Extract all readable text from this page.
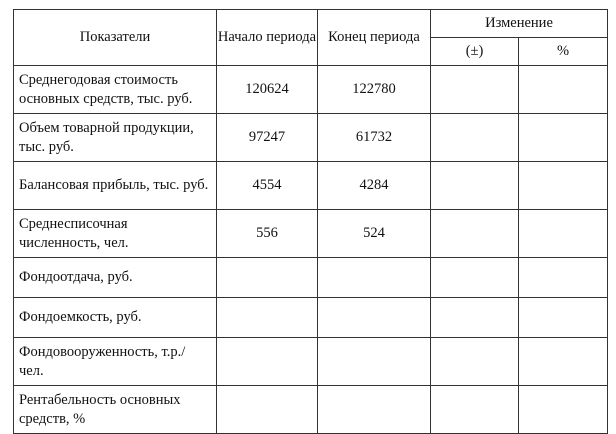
Показатели	Начало периода	Конец периода	Изменение	
			(±)	%
Среднегодовая стоимость основных средств, тыс. руб.	120624	122780		
Объем товарной продукции, тыс. руб.	97247	61732		
Балансовая прибыль, тыс. руб.	4554	4284		
Среднесписочная численность, чел.	556	524		
Фондоотдача, руб.				
Фондоемкость, руб.				
Фондовооруженность, т.р./ чел.				
Рентабельность основных средств, %				
